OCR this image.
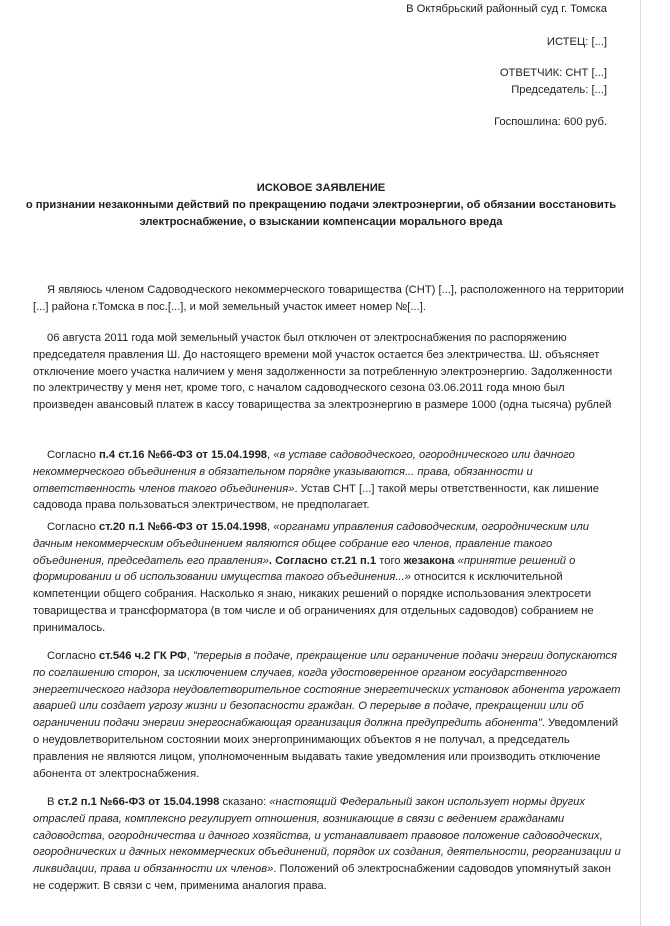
В Октябрьский районный суд г. Томска
ИСТЕЦ: [...]
ОТВЕТЧИК: СНТ [...]
Председатель: [...]
Госпошлина: 600 руб.
ИСКОВОЕ ЗАЯВЛЕНИЕ
о признании незаконными действий по прекращению подачи электроэнергии, об обязании восстановить электроснабжение, о взыскании компенсации морального вреда
Я являюсь членом Садоводческого некоммерческого товарищества (СНТ) [...], расположенного на территории [...] района г.Томска в пос.[...], и мой земельный участок имеет номер №[...].
06 августа 2011 года мой земельный участок был отключен от электроснабжения по распоряжению председателя правления Ш. До настоящего времени мой участок остается без электричества. Ш. объясняет отключение моего участка наличием у меня задолженности за потребленную электроэнергию. Задолженности по электричеству у меня нет, кроме того, с началом садоводческого сезона 03.06.2011 года мною был произведен авансовый платеж в кассу товарищества за электроэнергию в размере 1000 (одна тысяча) рублей
Согласно п.4 ст.16 №66-ФЗ от 15.04.1998, «в уставе садоводческого, огороднического или дачного некоммерческого объединения в обязательном порядке указываются... права, обязанности и ответственность членов такого объединения». Устав СНТ [...] такой меры ответственности, как лишение садовода права пользоваться электричеством, не предполагает.
Согласно ст.20 п.1 №66-ФЗ от 15.04.1998, «органами управления садоводческим, огородническим или дачным некоммерческим объединением являются общее собрание его членов, правление такого объединения, председатель его правления». Согласно ст.21 п.1 того жезакона «принятие решений о формировании и об использовании имущества такого объединения...» относится к исключительной компетенции общего собрания. Насколько я знаю, никаких решений о порядке использования электросети товарищества и трансформатора (в том числе и об ограничениях для отдельных садоводов) собранием не принималось.
Согласно ст.546 ч.2 ГК РФ, "перерыв в подаче, прекращение или ограничение подачи энергии допускаются по соглашению сторон, за исключением случаев, когда удостоверенное органом государственного энергетического надзора неудовлетворительное состояние энергетических установок абонента угрожает аварией или создает угрозу жизни и безопасности граждан. О перерыве в подаче, прекращении или об ограничении подачи энергии энергоснабжающая организация должна предупредить абонента". Уведомлений о неудовлетворительном состоянии моих энергопринимающих объектов я не получал, а председатель правления не являются лицом, уполномоченным выдавать такие уведомления или производить отключение абонента от электроснабжения.
В ст.2 п.1 №66-ФЗ от 15.04.1998 сказано: «настоящий Федеральный закон использует нормы других отраслей права, комплексно регулирует отношения, возникающие в связи с ведением гражданами садоводства, огородничества и дачного хозяйства, и устанавливает правовое положение садоводческих, огороднических и дачных некоммерческих объединений, порядок их создания, деятельности, реорганизации и ликвидации, права и обязанности их членов». Положений об электроснабжении садоводов упомянутый закон не содержит. В связи с чем, применима аналогия права.
